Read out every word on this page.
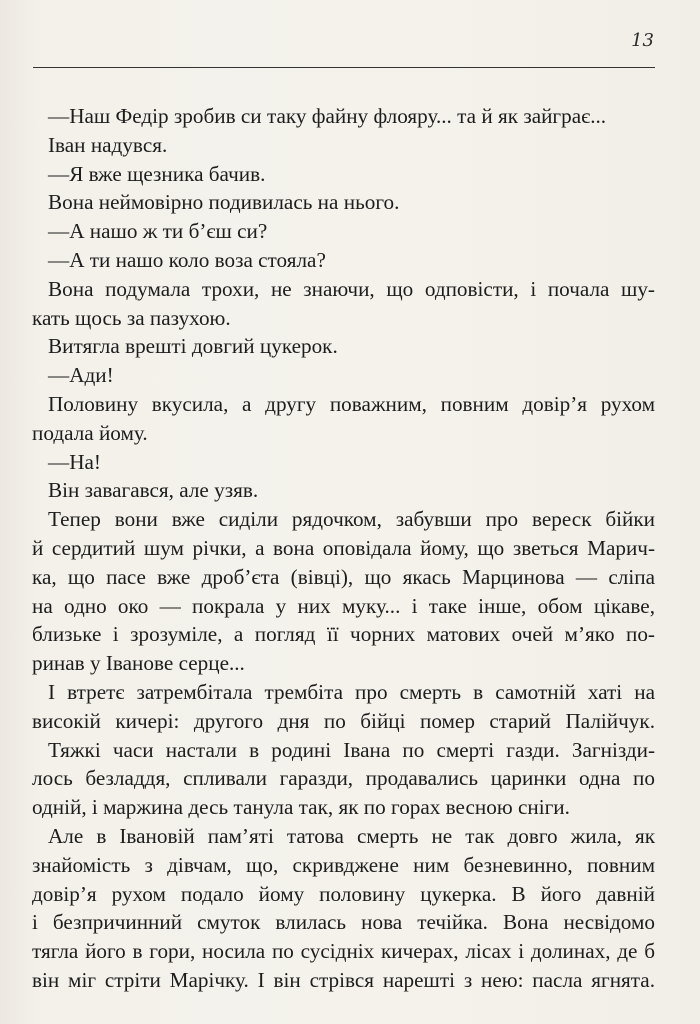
13
—Наш Федір зробив си таку файну флояру... та й як зайграє...
Іван надувся.
—Я вже щезника бачив.
Вона неймовірно подивилась на нього.
—А нашо ж ти б’єш си?
—А ти нашо коло воза стояла?
Вона подумала трохи, не знаючи, що одповісти, і почала шу-
кать щось за пазухою.
Витягла врешті довгий цукерок.
—Ади!
Половину вкусила, а другу поважним, повним довір’я рухом
подала йому.
—На!
Він завагався, але узяв.
Тепер вони вже сиділи рядочком, забувши про вереск бійки
й сердитий шум річки, а вона оповідала йому, що зветься Марич-
ка, що пасе вже дроб’єта (вівці), що якась Марцинова — сліпа
на одно око — покрала у них муку... і таке інше, обом цікаве,
близьке і зрозуміле, а погляд її чорних матових очей м’яко по-
ринав у Іванове серце...
І втретє затрембітала трембіта про смерть в самотній хаті на
високій кичері: другого дня по бійці помер старий Палійчук.
Тяжкі часи настали в родині Івана по смерті газди. Загнізди-
лось безладдя, спливали гаразди, продавались царинки одна по
одній, і маржина десь танула так, як по горах весною сніги.
Але в Івановій пам’яті татова смерть не так довго жила, як
знайомість з дівчам, що, скривджене ним безневинно, повним
довір’я рухом подало йому половину цукерка. В його давній
і безпричинний смуток влилась нова течійка. Вона несвідомо
тягла його в гори, носила по сусідніх кичерах, лісах і долинах, де б
він міг стріти Марічку. І він стрівся нарешті з нею: пасла ягнята.
